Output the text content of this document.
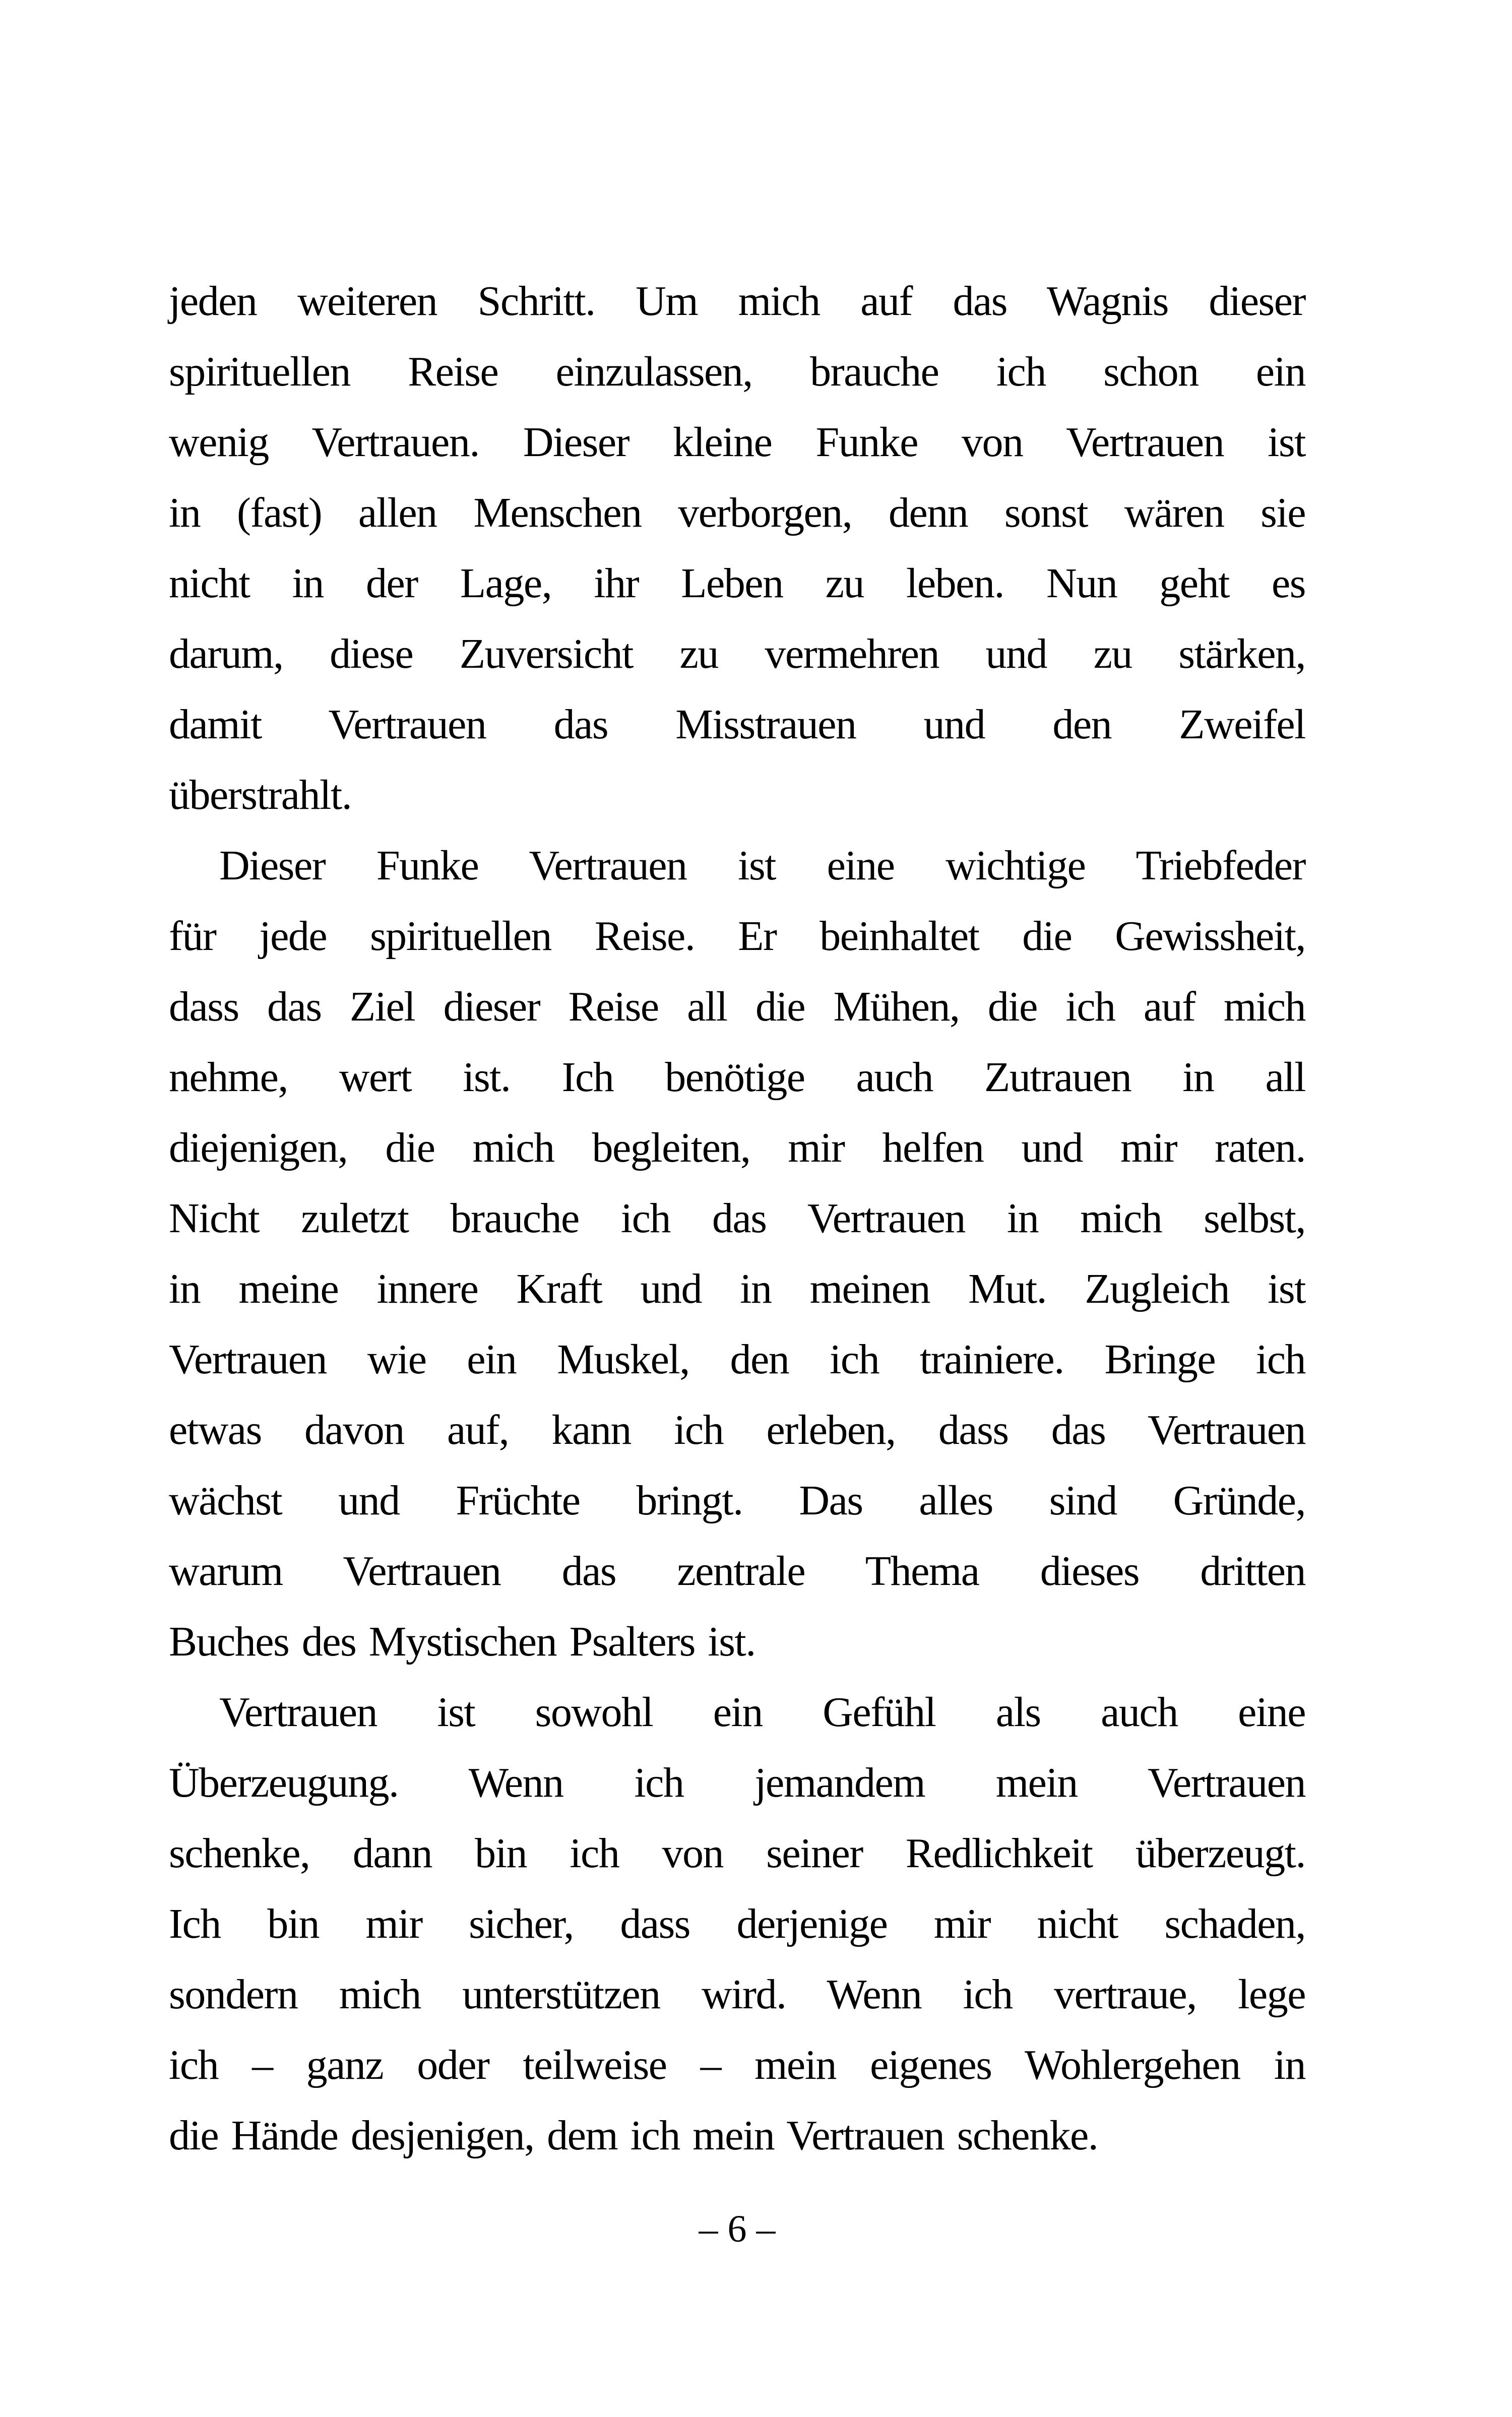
jeden weiteren Schritt. Um mich auf das Wagnis dieser
spirituellen Reise einzulassen, brauche ich schon ein
wenig Vertrauen. Dieser kleine Funke von Vertrauen ist
in (fast) allen Menschen verborgen, denn sonst wären sie
nicht in der Lage, ihr Leben zu leben. Nun geht es
darum, diese Zuversicht zu vermehren und zu stärken,
damit Vertrauen das Misstrauen und den Zweifel
überstrahlt.

Dieser Funke Vertrauen ist eine wichtige Triebfeder
für jede spirituellen Reise. Er beinhaltet die Gewissheit,
dass das Ziel dieser Reise all die Mühen, die ich auf mich
nehme, wert ist. Ich benötige auch Zutrauen in all
diejenigen, die mich begleiten, mir helfen und mir raten.
Nicht zuletzt brauche ich das Vertrauen in mich selbst,
in meine innere Kraft und in meinen Mut. Zugleich ist
Vertrauen wie ein Muskel, den ich trainiere. Bringe ich
etwas davon auf, kann ich erleben, dass das Vertrauen
wächst und Früchte bringt. Das alles sind Gründe,
warum Vertrauen das zentrale Thema dieses dritten
Buches des Mystischen Psalters ist.

Vertrauen ist sowohl ein Gefühl als auch eine
Überzeugung. Wenn ich jemandem mein Vertrauen
schenke, dann bin ich von seiner Redlichkeit überzeugt.
Ich bin mir sicher, dass derjenige mir nicht schaden,
sondern mich unterstützen wird. Wenn ich vertraue, lege
ich – ganz oder teilweise – mein eigenes Wohlergehen in
die Hände desjenigen, dem ich mein Vertrauen schenke.

– 6 –
